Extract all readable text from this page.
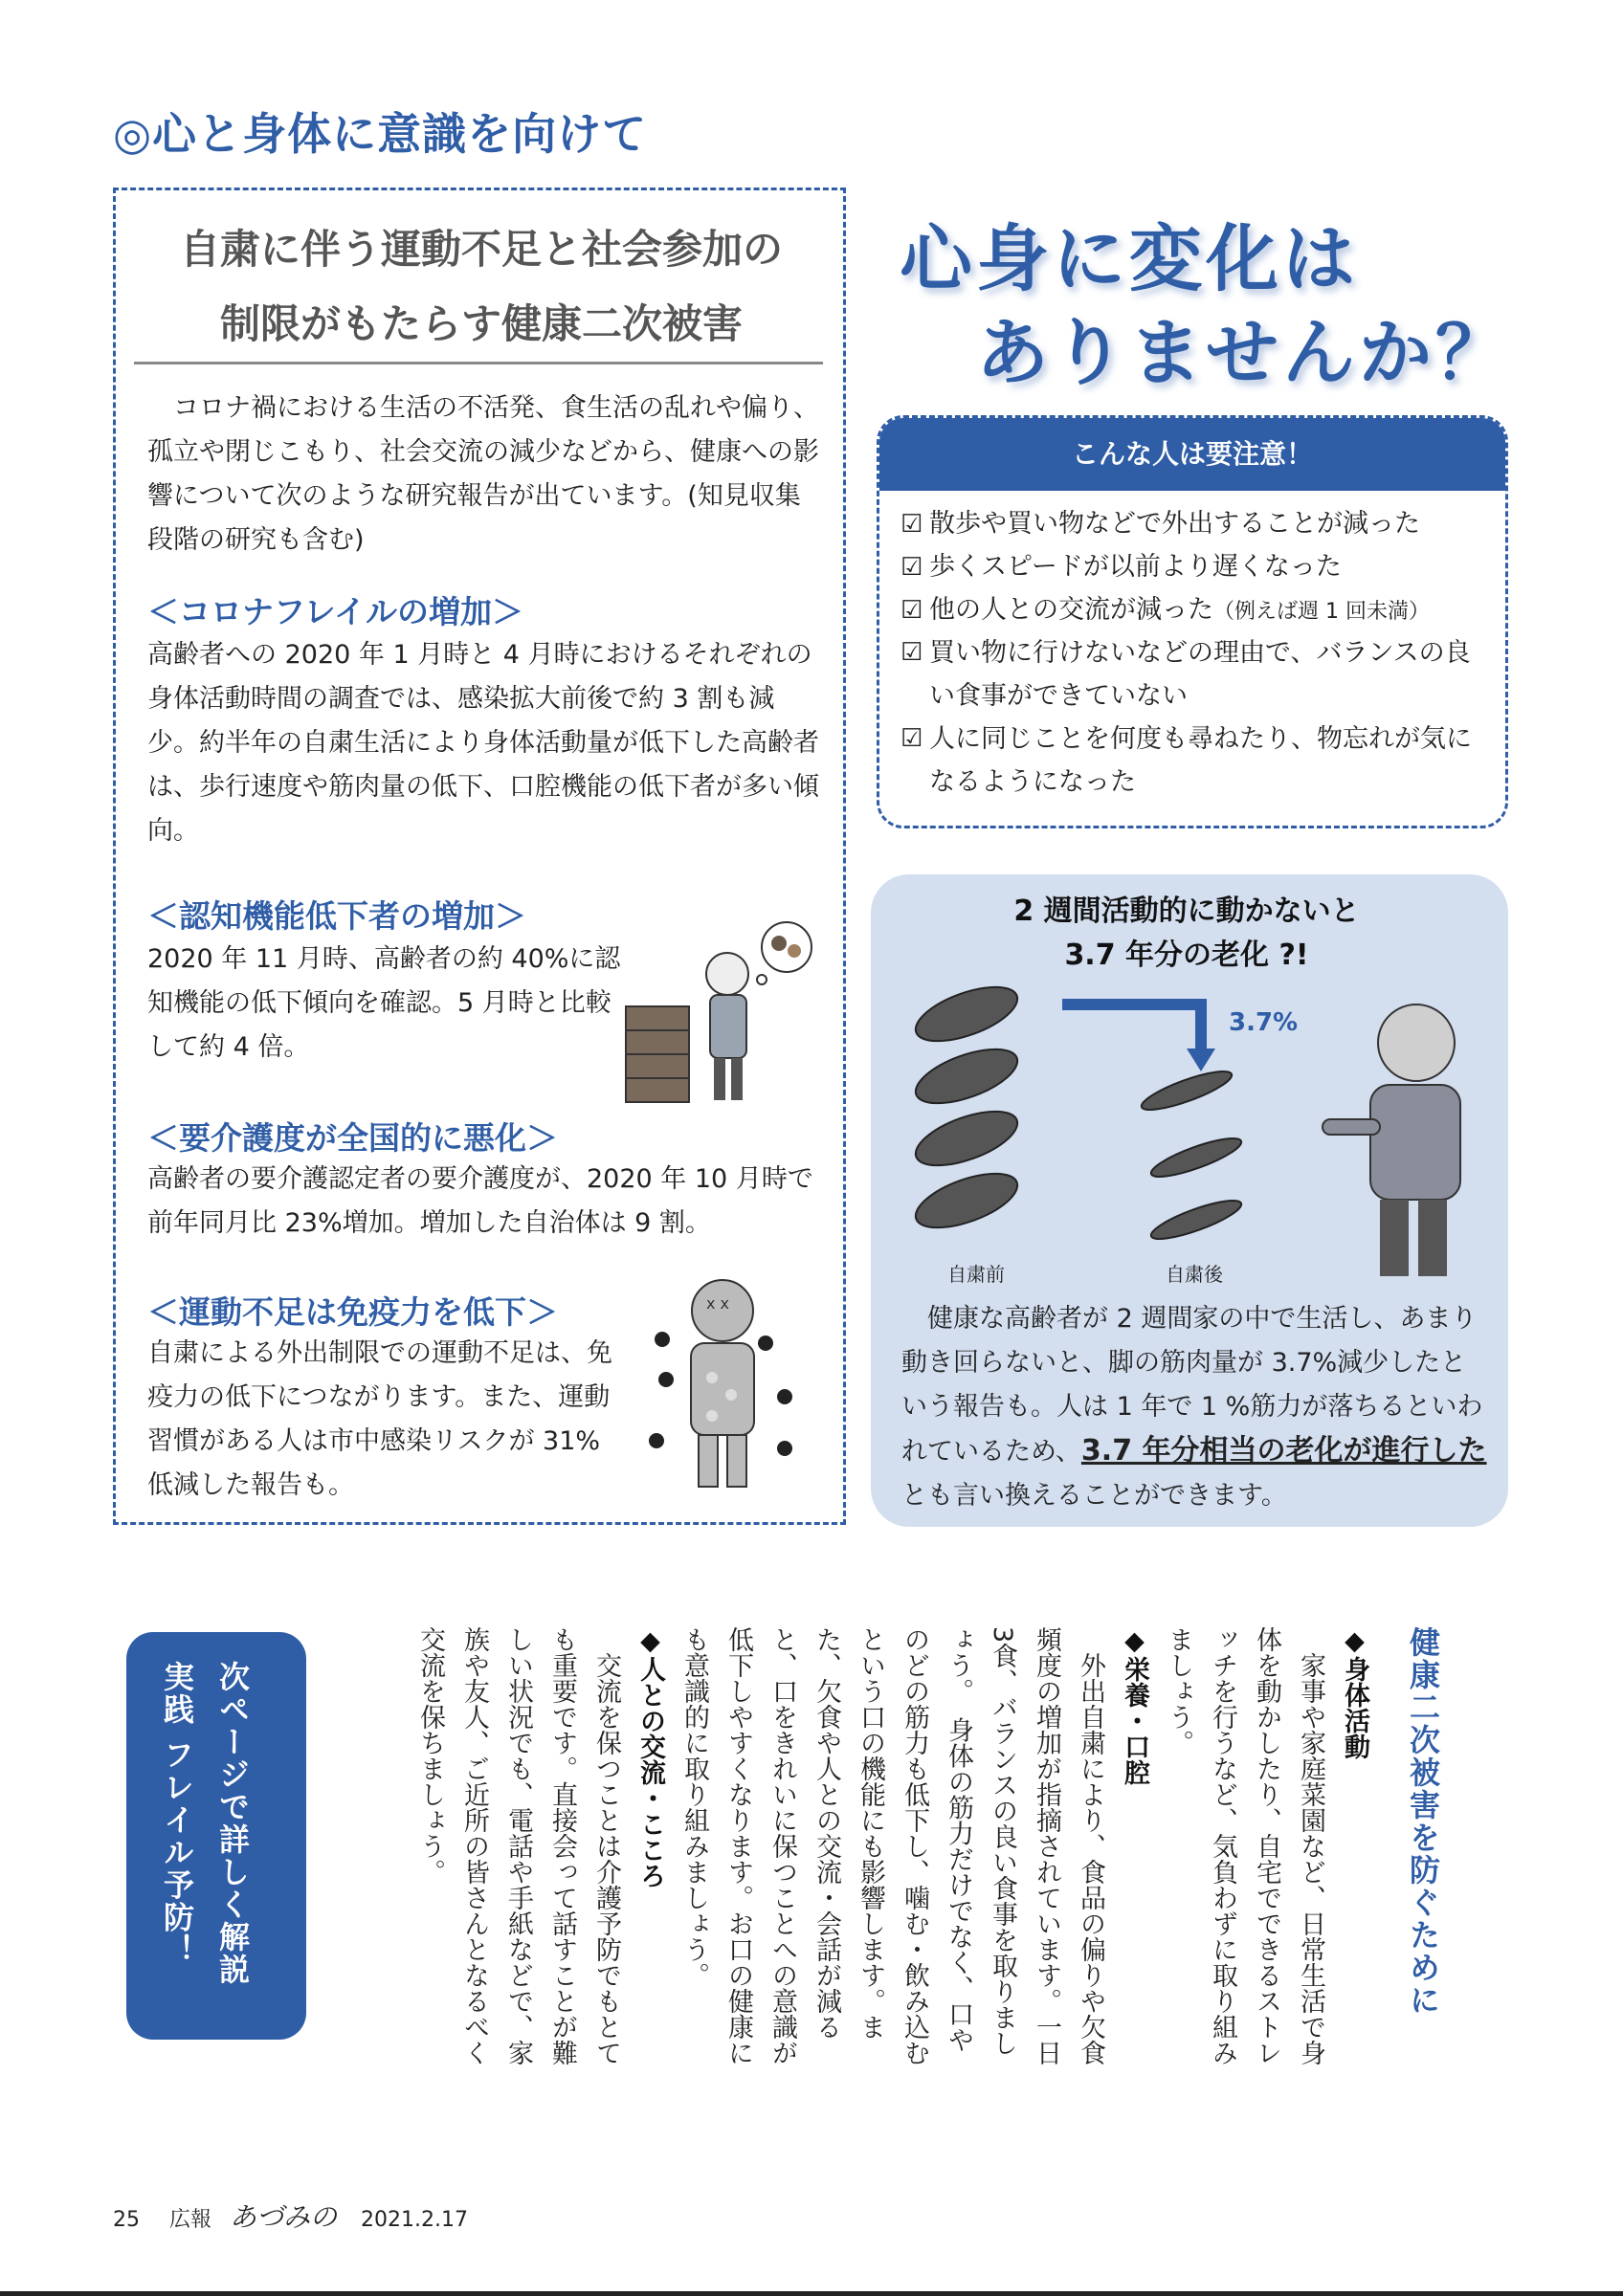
◎心と身体に意識を向けて
自粛に伴う運動不足と社会参加の
制限がもたらす健康二次被害
　コロナ禍における生活の不活発、食生活の乱れや偏り、孤立や閉じこもり、社会交流の減少などから、健康への影響について次のような研究報告が出ています。(知見収集段階の研究も含む)
＜コロナフレイルの増加＞
高齢者への 2020 年 1 月時と 4 月時におけるそれぞれの身体活動時間の調査では、感染拡大前後で約 3 割も減少。約半年の自粛生活により身体活動量が低下した高齢者は、歩行速度や筋肉量の低下、口腔機能の低下者が多い傾向。
＜認知機能低下者の増加＞
2020 年 11 月時、高齢者の約 40%に認知機能の低下傾向を確認。5 月時と比較して約 4 倍。
＜要介護度が全国的に悪化＞
高齢者の要介護認定者の要介護度が、2020 年 10 月時で前年同月比 23%増加。増加した自治体は 9 割。
＜運動不足は免疫力を低下＞
自粛による外出制限での運動不足は、免疫力の低下につながります。また、運動習慣がある人は市中感染リスクが 31%低減した報告も。
x x
心身に変化は
ありませんか？
こんな人は要注意！
☑ 散歩や買い物などで外出することが減った
☑ 歩くスピードが以前より遅くなった
☑ 他の人との交流が減った（例えば週 1 回未満）
☑ 買い物に行けないなどの理由で、バランスの良い食事ができていない
☑ 人に同じことを何度も尋ねたり、物忘れが気になるようになった
2 週間活動的に動かないと
3.7 年分の老化 ?!
3.7%
自粛前	自粛後
　健康な高齢者が 2 週間家の中で生活し、あまり動き回らないと、脚の筋肉量が 3.7%減少したという報告も。人は 1 年で 1 %筋力が落ちるといわれているため、3.7 年分相当の老化が進行したとも言い換えることができます。
健康二次被害を防ぐために
◆身体活動
　家事や家庭菜園など、日常生活で身体を動かしたり、自宅でできるストレッチを行うなど、気負わずに取り組みましょう。
◆栄養・口腔
　外出自粛により、食品の偏りや欠食頻度の増加が指摘されています。一日3食、バランスの良い食事を取りましょう。　身体の筋力だけでなく、口やのどの筋力も低下し、噛む・飲み込むという口の機能にも影響します。また、欠食や人との交流・会話が減ると、口をきれいに保つことへの意識が低下しやすくなります。お口の健康にも意識的に取り組みましょう。
◆人との交流・こころ
　交流を保つことは介護予防でもとても重要です。直接会って話すことが難しい状況でも、電話や手紙などで、家族や友人、ご近所の皆さんとなるべく交流を保ちましょう。
次ページで詳しく解説
実践 フレイル予防！
25 広報 あづみの 2021.2.17
